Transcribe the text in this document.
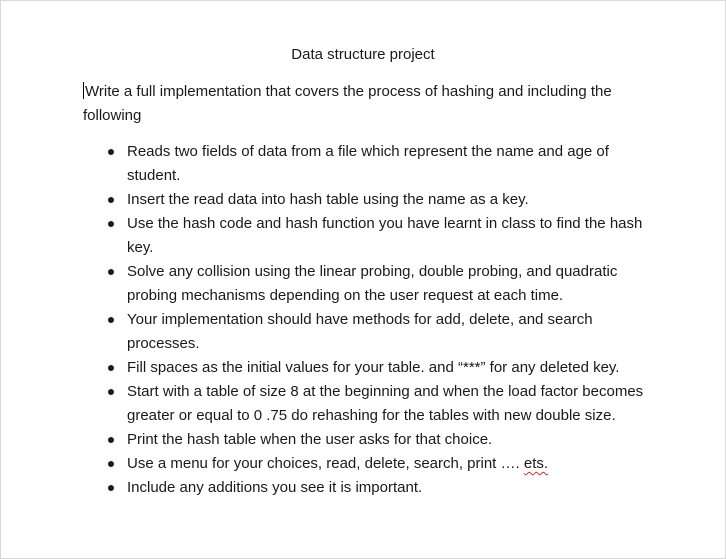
Data structure project
Write a full implementation that covers the process of hashing and including the following
Reads two fields of data from a file which represent the name and age of student.
Insert the read data into hash table using the name as a key.
Use the hash code and hash function you have learnt in class to find the hash key.
Solve any collision using the linear probing, double probing, and quadratic probing mechanisms depending on the user request at each time.
Your implementation should have methods for add, delete, and search processes.
Fill spaces as the initial values for your table. and “***” for any deleted key.
Start with a table of size 8 at the beginning and when the load factor becomes greater or equal to 0 .75 do rehashing for the tables with new double size.
Print the hash table when the user asks for that choice.
Use a menu for your choices, read, delete, search, print …. ets.
Include any additions you see it is important.
